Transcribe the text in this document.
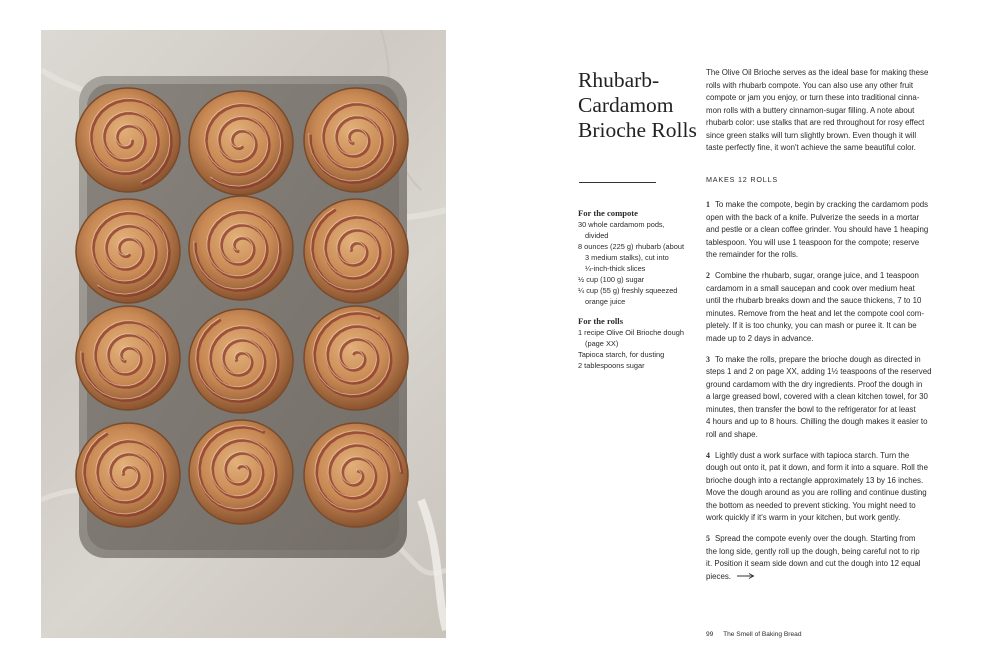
Rhubarb-Cardamom Brioche Rolls
For the compote
30 whole cardamom pods,
divided
8 ounces (225 g) rhubarb (about
3 medium stalks), cut into
¼-inch-thick slices
½ cup (100 g) sugar
¼ cup (55 g) freshly squeezed
orange juice
For the rolls
1 recipe Olive Oil Brioche dough
(page XX)
Tapioca starch, for dusting
2 tablespoons sugar
The Olive Oil Brioche serves as the ideal base for making these
rolls with rhubarb compote. You can also use any other fruit
compote or jam you enjoy, or turn these into traditional cinna-
mon rolls with a buttery cinnamon-sugar filling. A note about
rhubarb color: use stalks that are red throughout for rosy effect
since green stalks will turn slightly brown. Even though it will
taste perfectly fine, it won't achieve the same beautiful color.
MAKES 12 ROLLS
1 To make the compote, begin by cracking the cardamom pods
open with the back of a knife. Pulverize the seeds in a mortar
and pestle or a clean coffee grinder. You should have 1 heaping
tablespoon. You will use 1 teaspoon for the compote; reserve
the remainder for the rolls.
2 Combine the rhubarb, sugar, orange juice, and 1 teaspoon
cardamom in a small saucepan and cook over medium heat
until the rhubarb breaks down and the sauce thickens, 7 to 10
minutes. Remove from the heat and let the compote cool com-
pletely. If it is too chunky, you can mash or puree it. It can be
made up to 2 days in advance.
3 To make the rolls, prepare the brioche dough as directed in
steps 1 and 2 on page XX, adding 1½ teaspoons of the reserved
ground cardamom with the dry ingredients. Proof the dough in
a large greased bowl, covered with a clean kitchen towel, for 30
minutes, then transfer the bowl to the refrigerator for at least
4 hours and up to 8 hours. Chilling the dough makes it easier to
roll and shape.
4 Lightly dust a work surface with tapioca starch. Turn the
dough out onto it, pat it down, and form it into a square. Roll the
brioche dough into a rectangle approximately 13 by 16 inches.
Move the dough around as you are rolling and continue dusting
the bottom as needed to prevent sticking. You might need to
work quickly if it's warm in your kitchen, but work gently.
5 Spread the compote evenly over the dough. Starting from
the long side, gently roll up the dough, being careful not to rip
it. Position it seam side down and cut the dough into 12 equal
pieces.
99 The Smell of Baking Bread
